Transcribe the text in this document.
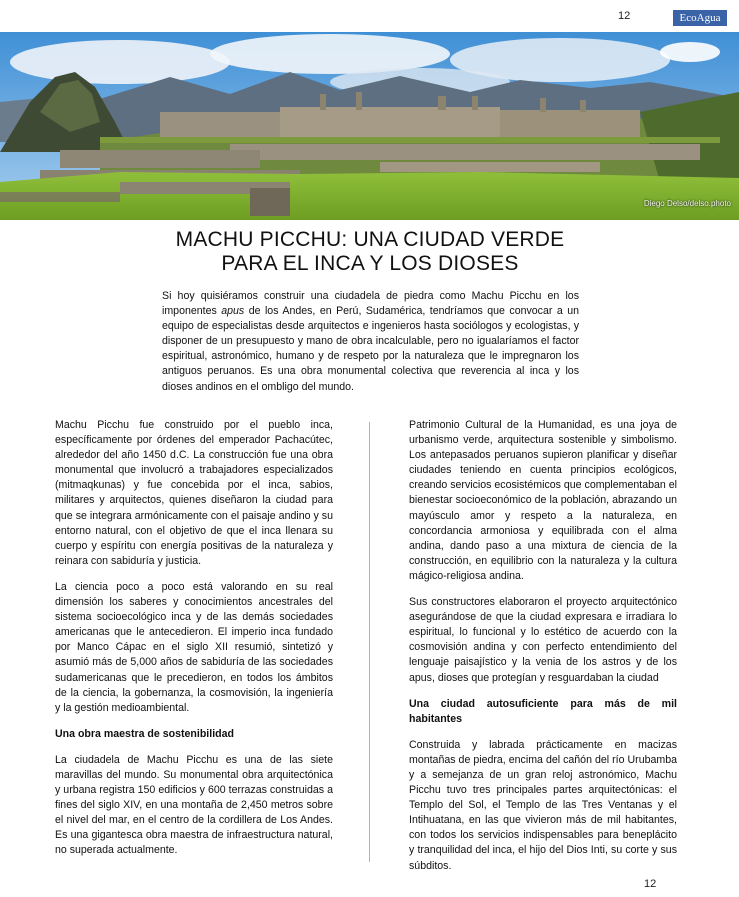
12	EcoAgua
Diego Delso/delso.photo
MACHU PICCHU: UNA CIUDAD VERDE
PARA EL INCA Y LOS DIOSES
Si hoy quisiéramos construir una ciudadela de piedra como Machu Picchu en los imponentes apus de los Andes, en Perú, Sudamérica, tendríamos que convocar a un equipo de especialistas desde arquitectos e ingenieros hasta sociólogos y ecologistas, y disponer de un presupuesto y mano de obra incalculable, pero no igualaríamos el factor espiritual, astronómico, humano y de respeto por la naturaleza que le impregnaron los antiguos peruanos. Es una obra monumental colectiva que reverencia al inca y los dioses andinos en el ombligo del mundo.

Machu Picchu fue construido por el pueblo inca, específicamente por órdenes del emperador Pachacútec, alrededor del año 1450 d.C. La construcción fue una obra monumental que involucró a trabajadores especializados (mitmaqkunas) y fue concebida por el inca, sabios, militares y arquitectos, quienes diseñaron la ciudad para que se integrara armónicamente con el paisaje andino y su entorno natural, con el objetivo de que el inca llenara su cuerpo y espíritu con energía positivas de la naturaleza y reinara con sabiduría y justicia.

La ciencia poco a poco está valorando en su real dimensión los saberes y conocimientos ancestrales del sistema socioecológico inca y de las demás sociedades americanas que le antecedieron. El imperio inca fundado por Manco Cápac en el siglo XII resumió, sintetizó y asumió más de 5,000 años de sabiduría de las sociedades sudamericanas que le precedieron, en todos los ámbitos de la ciencia, la gobernanza, la cosmovisión, la ingeniería y la gestión medioambiental.

Una obra maestra de sostenibilidad

La ciudadela de Machu Picchu es una de las siete maravillas del mundo. Su monumental obra arquitectónica y urbana registra 150 edificios y 600 terrazas construidas a fines del siglo XIV, en una montaña de 2,450 metros sobre el nivel del mar, en el centro de la cordillera de Los Andes. Es una gigantesca obra maestra de infraestructura natural, no superada actualmente.

Patrimonio Cultural de la Humanidad, es una joya de urbanismo verde, arquitectura sostenible y simbolismo. Los antepasados peruanos supieron planificar y diseñar ciudades teniendo en cuenta principios ecológicos, creando servicios ecosistémicos que complementaban el bienestar socioeconómico de la población, abrazando un mayúsculo amor y respeto a la naturaleza, en concordancia armoniosa y equilibrada con el alma andina, dando paso a una mixtura de ciencia de la construcción, en equilibrio con la naturaleza y la cultura mágico-religiosa andina.

Sus constructores elaboraron el proyecto arquitectónico asegurándose de que la ciudad expresara e irradiara lo espiritual, lo funcional y lo estético de acuerdo con la cosmovisión andina y con perfecto entendimiento del lenguaje paisajístico y la venia de los astros y de los apus, dioses que protegían y resguardaban la ciudad

Una ciudad autosuficiente para más de mil habitantes

Construida y labrada prácticamente en macizas montañas de piedra, encima del cañón del río Urubamba y a semejanza de un gran reloj astronómico, Machu Picchu tuvo tres principales partes arquitectónicas: el Templo del Sol, el Templo de las Tres Ventanas y el Intihuatana, en las que vivieron más de mil habitantes, con todos los servicios indispensables para beneplácito y tranquilidad del inca, el hijo del Dios Inti, su corte y sus súbditos.

12
